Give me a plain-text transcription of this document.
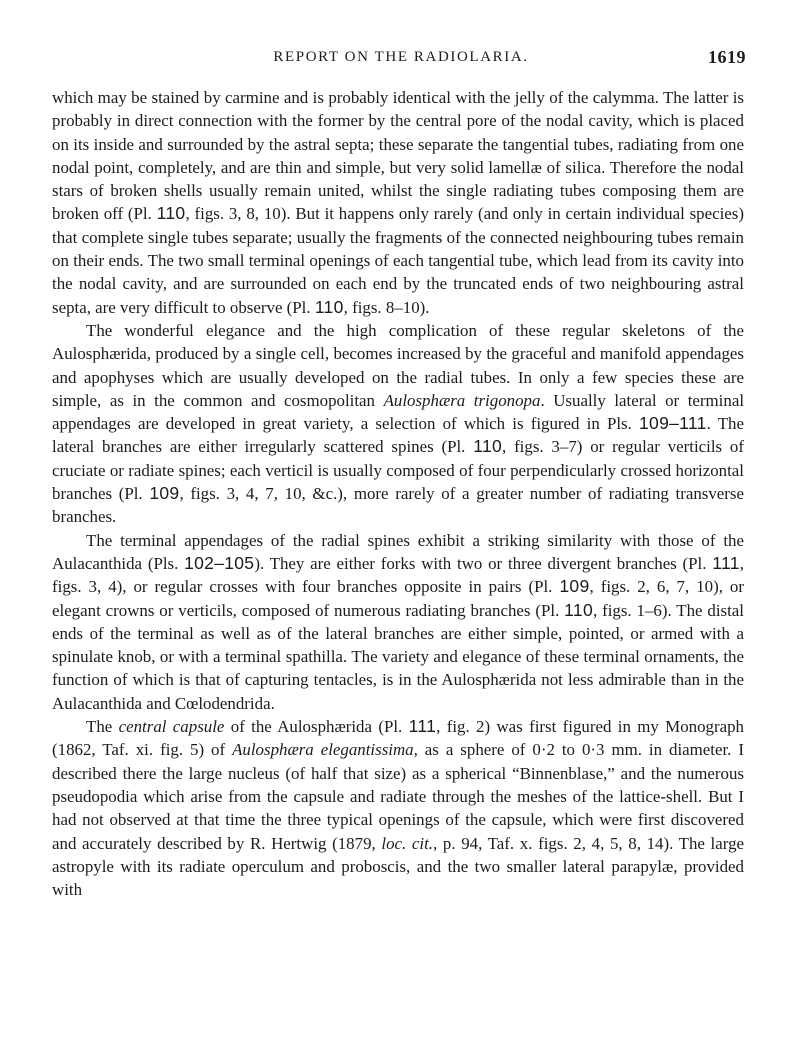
REPORT ON THE RADIOLARIA.	1619

which may be stained by carmine and is probably identical with the jelly of the calymma. The latter is probably in direct connection with the former by the central pore of the nodal cavity, which is placed on its inside and surrounded by the astral septa; these separate the tangential tubes, radiating from one nodal point, completely, and are thin and simple, but very solid lamellæ of silica. Therefore the nodal stars of broken shells usually remain united, whilst the single radiating tubes composing them are broken off (Pl. 110, figs. 3, 8, 10). But it happens only rarely (and only in certain individual species) that complete single tubes separate; usually the fragments of the connected neighbouring tubes remain on their ends. The two small terminal openings of each tangential tube, which lead from its cavity into the nodal cavity, and are surrounded on each end by the truncated ends of two neighbouring astral septa, are very difficult to observe (Pl. 110, figs. 8–10).

The wonderful elegance and the high complication of these regular skeletons of the Aulosphærida, produced by a single cell, becomes increased by the graceful and manifold appendages and apophyses which are usually developed on the radial tubes. In only a few species these are simple, as in the common and cosmopolitan Aulosphæra trigonopa. Usually lateral or terminal appendages are developed in great variety, a selection of which is figured in Pls. 109–111. The lateral branches are either irregularly scattered spines (Pl. 110, figs. 3–7) or regular verticils of cruciate or radiate spines; each verticil is usually composed of four perpendicularly crossed horizontal branches (Pl. 109, figs. 3, 4, 7, 10, &c.), more rarely of a greater number of radiating transverse branches.

The terminal appendages of the radial spines exhibit a striking similarity with those of the Aulacanthida (Pls. 102–105). They are either forks with two or three divergent branches (Pl. 111, figs. 3, 4), or regular crosses with four branches opposite in pairs (Pl. 109, figs. 2, 6, 7, 10), or elegant crowns or verticils, composed of numerous radiating branches (Pl. 110, figs. 1–6). The distal ends of the terminal as well as of the lateral branches are either simple, pointed, or armed with a spinulate knob, or with a terminal spathilla. The variety and elegance of these terminal ornaments, the function of which is that of capturing tentacles, is in the Aulosphærida not less admirable than in the Aulacanthida and Cœlodendrida.

The central capsule of the Aulosphærida (Pl. 111, fig. 2) was first figured in my Monograph (1862, Taf. xi. fig. 5) of Aulosphæra elegantissima, as a sphere of 0·2 to 0·3 mm. in diameter. I described there the large nucleus (of half that size) as a spherical “Binnenblase,” and the numerous pseudopodia which arise from the capsule and radiate through the meshes of the lattice-shell. But I had not observed at that time the three typical openings of the capsule, which were first discovered and accurately described by R. Hertwig (1879, loc. cit., p. 94, Taf. x. figs. 2, 4, 5, 8, 14). The large astropyle with its radiate operculum and proboscis, and the two smaller lateral parapylæ, provided with
